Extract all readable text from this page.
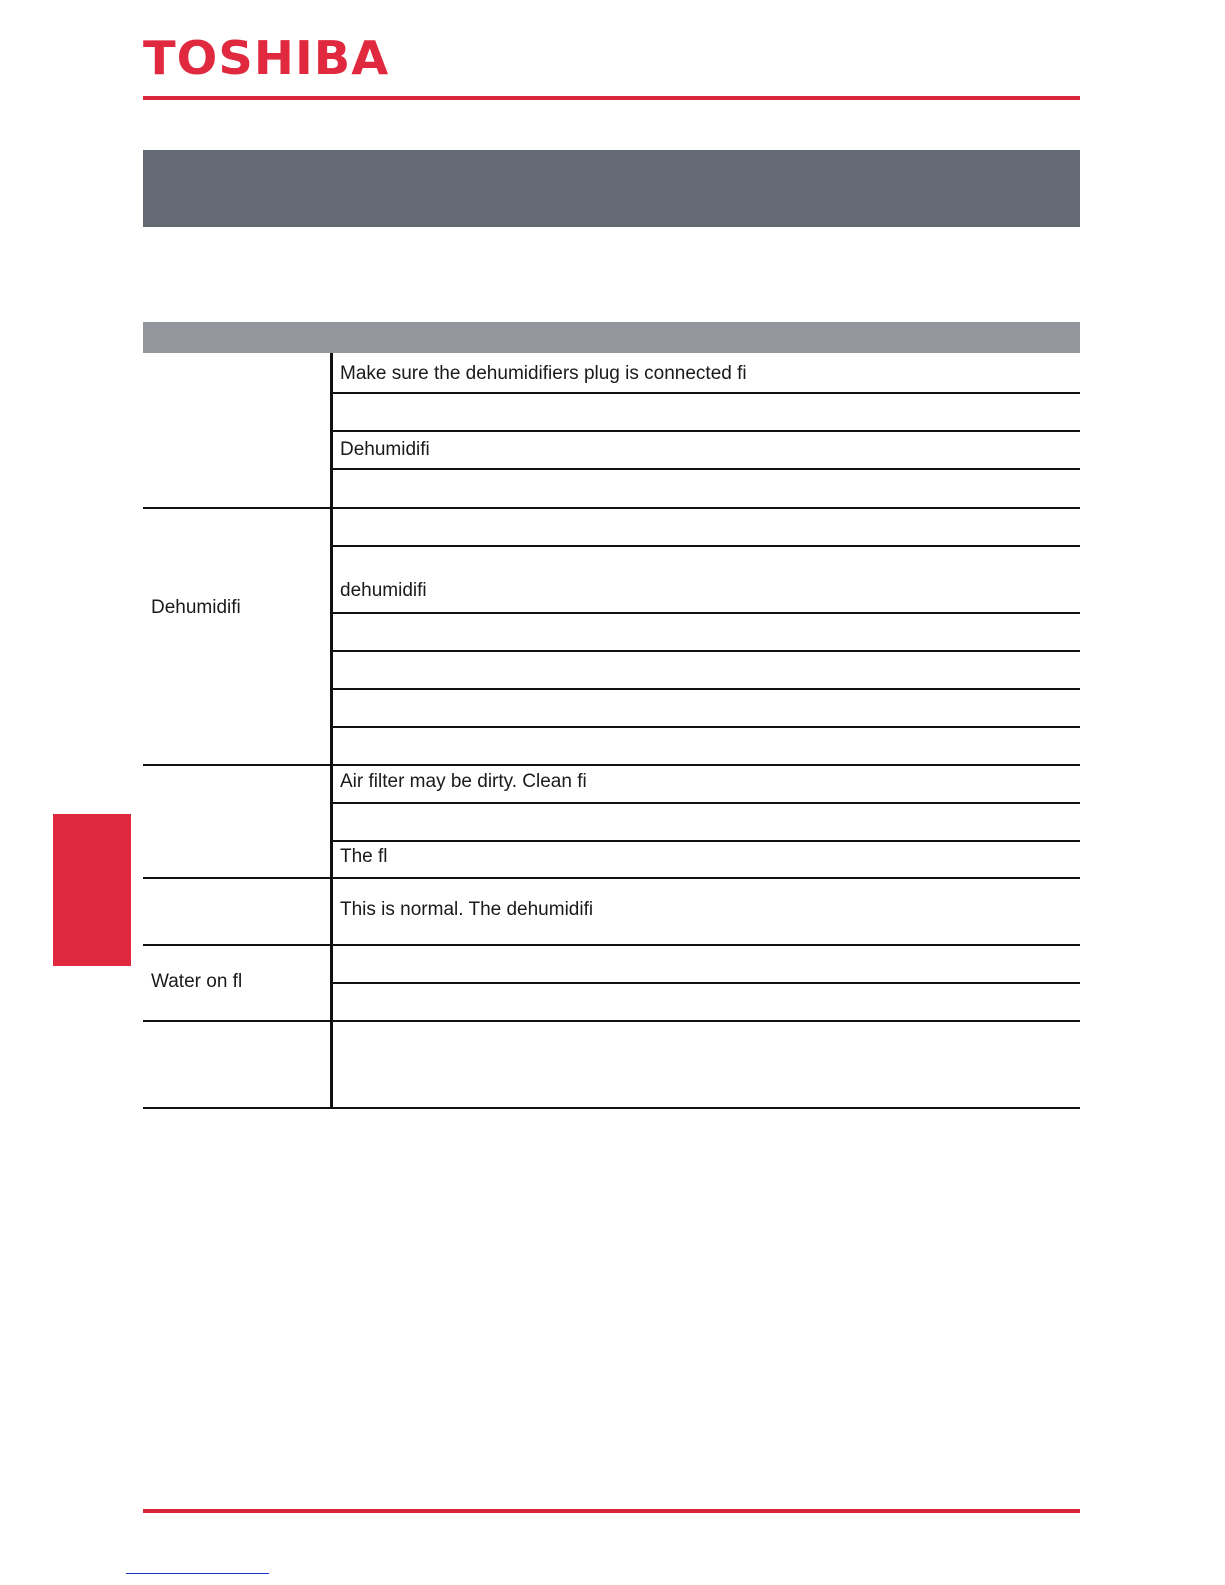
TOSHIBA
Dehumidifi
Water on fl
Make sure the dehumidifiers plug is connected fi
Dehumidifi
dehumidifi
Air filter may be dirty. Clean fi
The fl
This is normal. The dehumidifi
